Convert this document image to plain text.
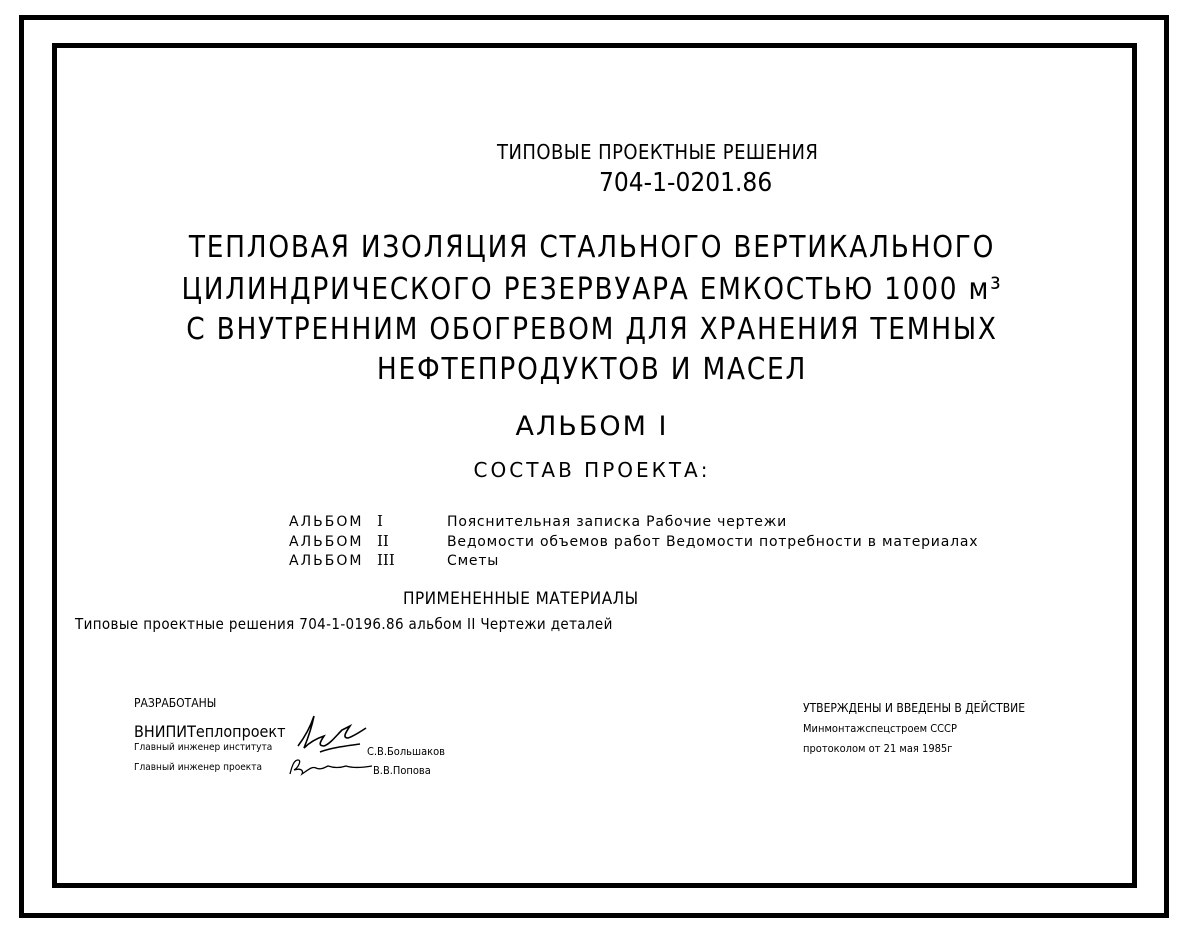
ТИПОВЫЕ ПРОЕКТНЫЕ РЕШЕНИЯ
704-1-0201.86
ТЕПЛОВАЯ ИЗОЛЯЦИЯ СТАЛЬНОГО ВЕРТИКАЛЬНОГО
ЦИЛИНДРИЧЕСКОГО РЕЗЕРВУАРА ЕМКОСТЬЮ 1000 м³
С ВНУТРЕННИМ ОБОГРЕВОМ ДЛЯ ХРАНЕНИЯ ТЕМНЫХ
НЕФТЕПРОДУКТОВ И МАСЕЛ
АЛЬБОМ I
СОСТАВ ПРОЕКТА:
АЛЬБОМ I	Пояснительная записка Рабочие чертежи
АЛЬБОМ II	Ведомости объемов работ Ведомости потребности в материалах
АЛЬБОМ III	Сметы
ПРИМЕНЕННЫЕ МАТЕРИАЛЫ
Типовые проектные решения 704-1-0196.86 альбом II Чертежи деталей
РАЗРАБОТАНЫ
ВНИПИТеплопроект
Главный инженер института
Главный инженер проекта
С.В.Большаков
В.В.Попова
УТВЕРЖДЕНЫ И ВВЕДЕНЫ В ДЕЙСТВИЕ
Минмонтажспецстроем СССР
протоколом от 21 мая 1985г
